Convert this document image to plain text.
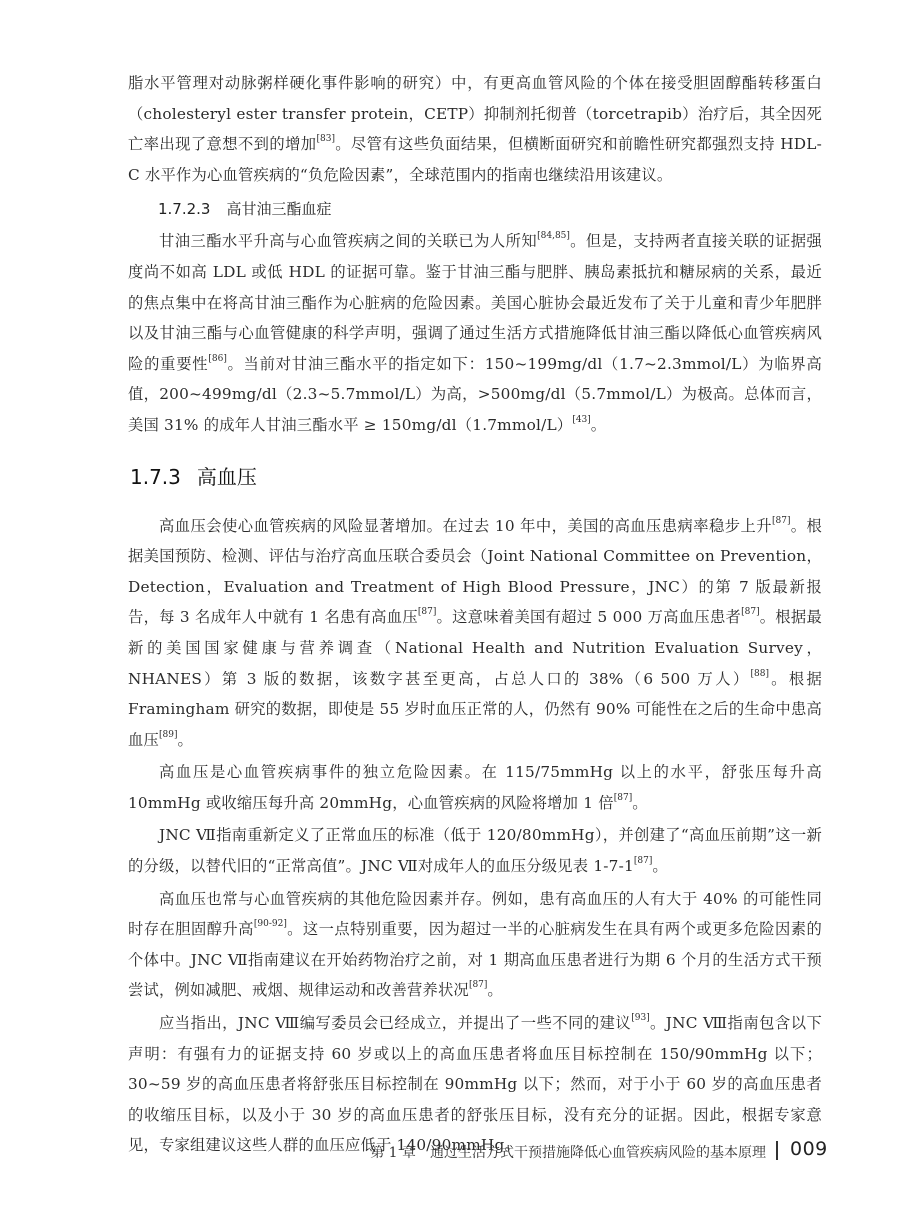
脂水平管理对动脉粥样硬化事件影响的研究）中，有更高血管风险的个体在接受胆固醇酯转移蛋白（cholesteryl ester transfer protein，CETP）抑制剂托彻普（torcetrapib）治疗后，其全因死亡率出现了意想不到的增加[83]。尽管有这些负面结果，但横断面研究和前瞻性研究都强烈支持 HDL-C 水平作为心血管疾病的“负危险因素”，全球范围内的指南也继续沿用该建议。

1.7.2.3 高甘油三酯血症

甘油三酯水平升高与心血管疾病之间的关联已为人所知[84,85]。但是，支持两者直接关联的证据强度尚不如高 LDL 或低 HDL 的证据可靠。鉴于甘油三酯与肥胖、胰岛素抵抗和糖尿病的关系，最近的焦点集中在将高甘油三酯作为心脏病的危险因素。美国心脏协会最近发布了关于儿童和青少年肥胖以及甘油三酯与心血管健康的科学声明，强调了通过生活方式措施降低甘油三酯以降低心血管疾病风险的重要性[86]。当前对甘油三酯水平的指定如下：150~199mg/dl（1.7~2.3mmol/L）为临界高值，200~499mg/dl（2.3~5.7mmol/L）为高，>500mg/dl（5.7mmol/L）为极高。总体而言，美国 31% 的成年人甘油三酯水平 ≥ 150mg/dl（1.7mmol/L）[43]。

1.7.3 高血压

高血压会使心血管疾病的风险显著增加。在过去 10 年中，美国的高血压患病率稳步上升[87]。根据美国预防、检测、评估与治疗高血压联合委员会（Joint National Committee on Prevention，Detection，Evaluation and Treatment of High Blood Pressure，JNC）的第 7 版最新报告，每 3 名成年人中就有 1 名患有高血压[87]。这意味着美国有超过 5 000 万高血压患者[87]。根据最新的美国国家健康与营养调查（National Health and Nutrition Evaluation Survey，NHANES）第 3 版的数据，该数字甚至更高，占总人口的 38%（6 500 万人）[88]。根据 Framingham 研究的数据，即使是 55 岁时血压正常的人，仍然有 90% 可能性在之后的生命中患高血压[89]。

高血压是心血管疾病事件的独立危险因素。在 115/75mmHg 以上的水平，舒张压每升高 10mmHg 或收缩压每升高 20mmHg，心血管疾病的风险将增加 1 倍[87]。

JNC Ⅶ指南重新定义了正常血压的标准（低于 120/80mmHg），并创建了“高血压前期”这一新的分级，以替代旧的“正常高值”。JNC Ⅶ对成年人的血压分级见表 1-7-1[87]。

高血压也常与心血管疾病的其他危险因素并存。例如，患有高血压的人有大于 40% 的可能性同时存在胆固醇升高[90-92]。这一点特别重要，因为超过一半的心脏病发生在具有两个或更多危险因素的个体中。JNC Ⅶ指南建议在开始药物治疗之前，对 1 期高血压患者进行为期 6 个月的生活方式干预尝试，例如减肥、戒烟、规律运动和改善营养状况[87]。

应当指出，JNC Ⅷ编写委员会已经成立，并提出了一些不同的建议[93]。JNC Ⅷ指南包含以下声明：有强有力的证据支持 60 岁或以上的高血压患者将血压目标控制在 150/90mmHg 以下；30~59 岁的高血压患者将舒张压目标控制在 90mmHg 以下；然而，对于小于 60 岁的高血压患者的收缩压目标，以及小于 30 岁的高血压患者的舒张压目标，没有充分的证据。因此，根据专家意见，专家组建议这些人群的血压应低于 140/90mmHg。

第 1 章　通过生活方式干预措施降低心血管疾病风险的基本原理 009
